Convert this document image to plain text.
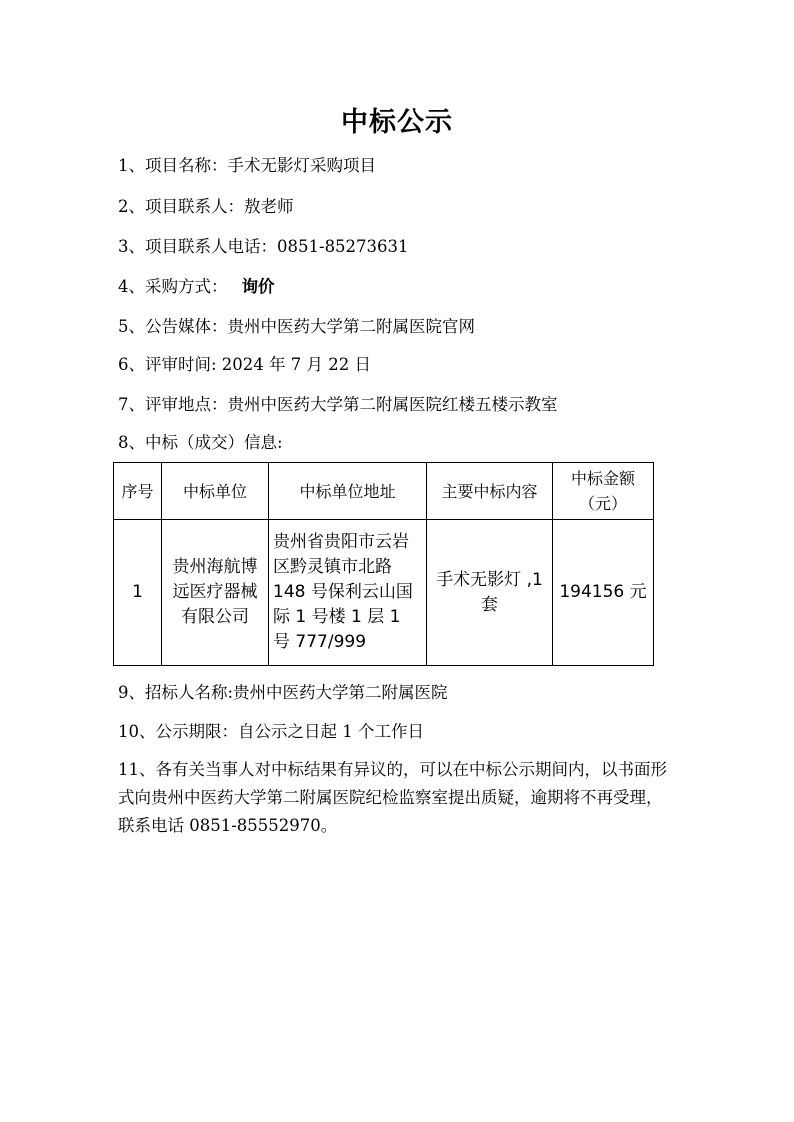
中标公示
1、项目名称：手术无影灯采购项目
2、项目联系人：敖老师
3、项目联系人电话：0851-85273631
4、采购方式： 询价
5、公告媒体：贵州中医药大学第二附属医院官网
6、评审时间: 2024 年 7 月 22 日
7、评审地点：贵州中医药大学第二附属医院红楼五楼示教室
8、中标（成交）信息:
序号	中标单位	中标单位地址	主要中标内容	中标金额（元）
1	贵州海航博远医疗器械有限公司	贵州省贵阳市云岩区黔灵镇市北路 148 号保利云山国际 1 号楼 1 层 1 号 777/999	手术无影灯 ,1 套	194156 元
9、招标人名称:贵州中医药大学第二附属医院
10、公示期限：自公示之日起 1 个工作日
11、各有关当事人对中标结果有异议的，可以在中标公示期间内，以书面形式向贵州中医药大学第二附属医院纪检监察室提出质疑，逾期将不再受理，联系电话 0851-85552970。
